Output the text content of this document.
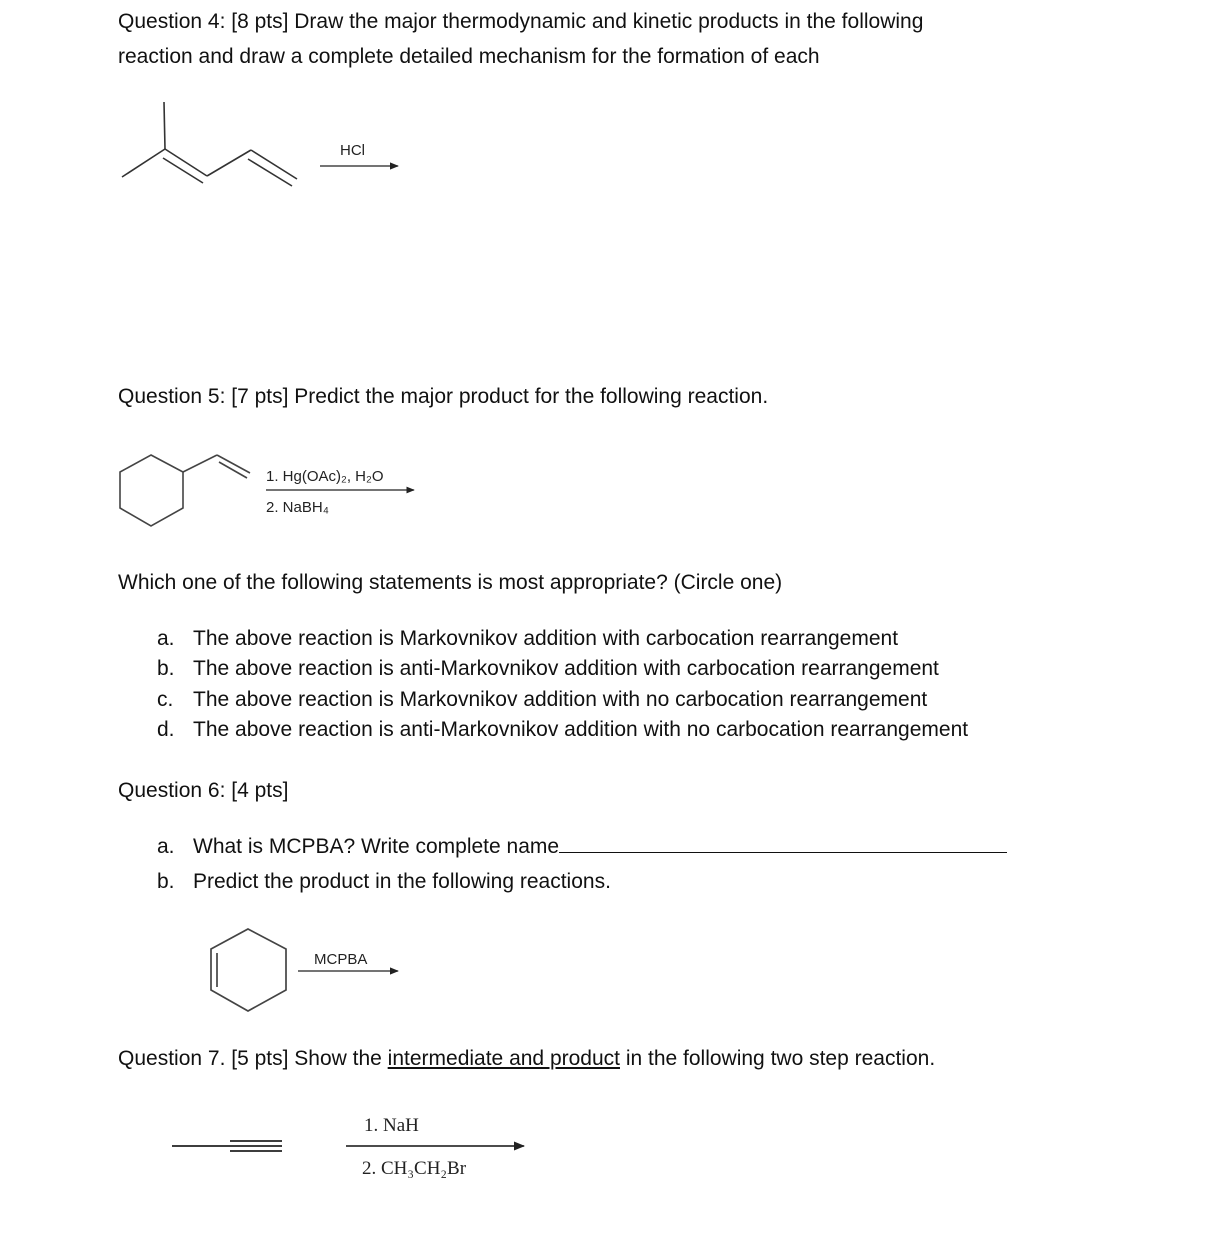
Question 4: [8 pts] Draw the major thermodynamic and kinetic products in the following
reaction and draw a complete detailed mechanism for the formation of each
Question 5: [7 pts] Predict the major product for the following reaction.
Which one of the following statements is most appropriate? (Circle one)
a. The above reaction is Markovnikov addition with carbocation rearrangement
b. The above reaction is anti-Markovnikov addition with carbocation rearrangement
c. The above reaction is Markovnikov addition with no carbocation rearrangement
d. The above reaction is anti-Markovnikov addition with no carbocation rearrangement
Question 6: [4 pts]
a. What is MCPBA? Write complete name
b. Predict the product in the following reactions.
Question 7. [5 pts] Show the intermediate and product in the following two step reaction.
HCl
1. Hg(OAc)₂, H₂O
2. NaBH₄
MCPBA
1. NaH
2. CH₃CH₂Br
